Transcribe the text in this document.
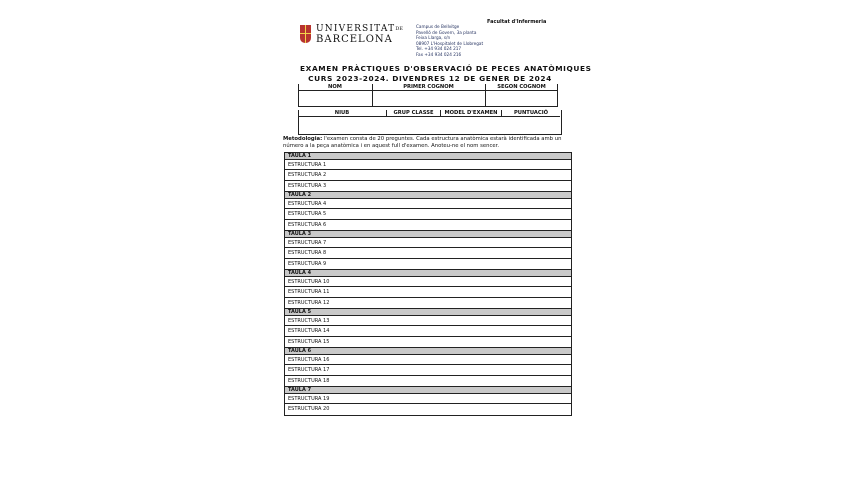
UNIVERSITATDE
BARCELONA
Campus de Bellvitge
Pavelló de Govern, 3a planta
Feixa Llarga, s/n
08907 L'Hospitalet de Llobregat
Tel. +34 934 024 217
Fax +34 934 024 216
Facultat d'Infermeria
EXAMEN PRÀCTIQUES D'OBSERVACIÓ DE PECES ANATÒMIQUES
CURS 2023-2024. DIVENDRES 12 DE GENER DE 2024
NOM	PRIMER COGNOM	SEGON COGNOM
NIUB	GRUP CLASSE	MODEL D'EXAMEN	PUNTUACIÓ
Metodologia: l'examen consta de 20 preguntes. Cada estructura anatòmica estarà identificada amb un número a la peça anatòmica i en aquest full d'examen. Anoteu-ne el nom sencer.
TAULA 1
ESTRUCTURA 1
ESTRUCTURA 2
ESTRUCTURA 3
TAULA 2
ESTRUCTURA 4
ESTRUCTURA 5
ESTRUCTURA 6
TAULA 3
ESTRUCTURA 7
ESTRUCTURA 8
ESTRUCTURA 9
TAULA 4
ESTRUCTURA 10
ESTRUCTURA 11
ESTRUCTURA 12
TAULA 5
ESTRUCTURA 13
ESTRUCTURA 14
ESTRUCTURA 15
TAULA 6
ESTRUCTURA 16
ESTRUCTURA 17
ESTRUCTURA 18
TAULA 7
ESTRUCTURA 19
ESTRUCTURA 20
